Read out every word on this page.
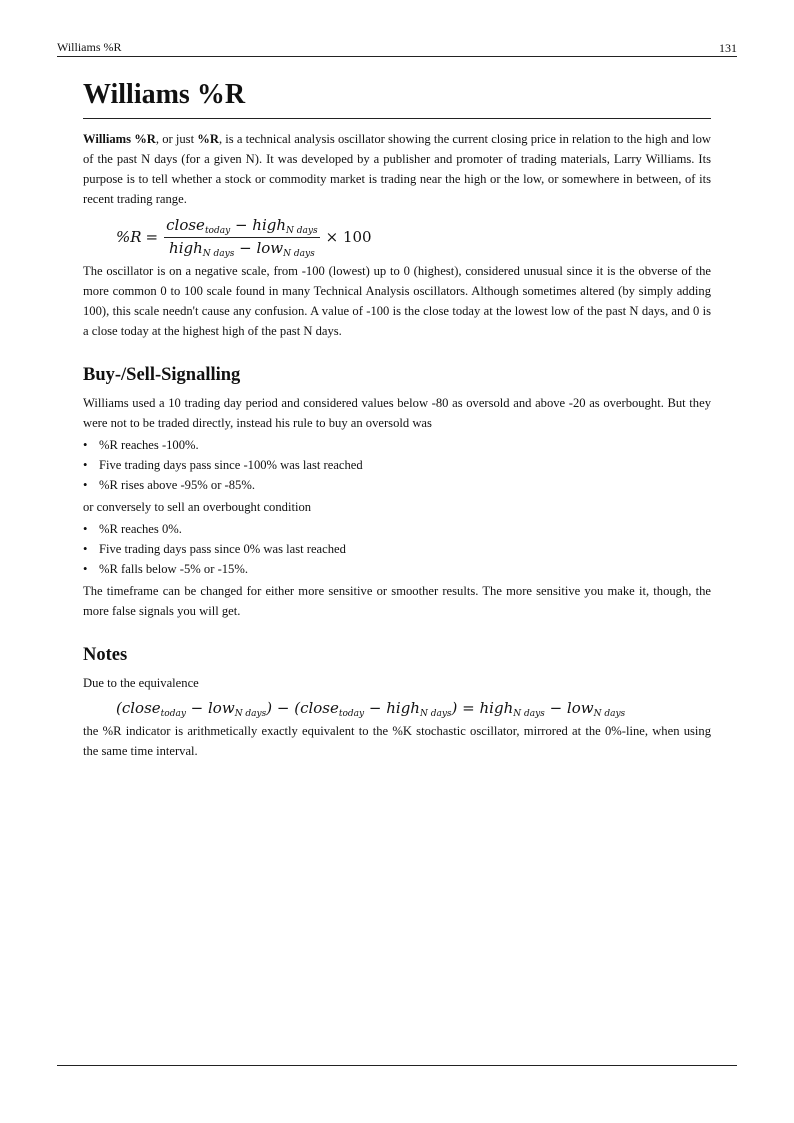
Williams %R	131
Williams %R

Williams %R, or just %R, is a technical analysis oscillator showing the current closing price in relation to the high and low of the past N days (for a given N). It was developed by a publisher and promoter of trading materials, Larry Williams. Its purpose is to tell whether a stock or commodity market is trading near the high or the low, or somewhere in between, of its recent trading range.

$\%R = \frac{close_{today} - high_{N days}}{high_{N days} - low_{N days}} \times 100$

The oscillator is on a negative scale, from -100 (lowest) up to 0 (highest), considered unusual since it is the obverse of the more common 0 to 100 scale found in many Technical Analysis oscillators. Although sometimes altered (by simply adding 100), this scale needn't cause any confusion. A value of -100 is the close today at the lowest low of the past N days, and 0 is a close today at the highest high of the past N days.

Buy-/Sell-Signalling

Williams used a 10 trading day period and considered values below -80 as oversold and above -20 as overbought. But they were not to be traded directly, instead his rule to buy an oversold was

• %R reaches -100%.
• Five trading days pass since -100% was last reached
• %R rises above -95% or -85%.

or conversely to sell an overbought condition

• %R reaches 0%.
• Five trading days pass since 0% was last reached
• %R falls below -5% or -15%.

The timeframe can be changed for either more sensitive or smoother results. The more sensitive you make it, though, the more false signals you will get.

Notes

Due to the equivalence

(close$_{today}$ − low$_{N days}$) − (close$_{today}$ − high$_{N days}$) = high$_{N days}$ − low$_{N days}$

the %R indicator is arithmetically exactly equivalent to the %K stochastic oscillator, mirrored at the 0%-line, when using the same time interval.
